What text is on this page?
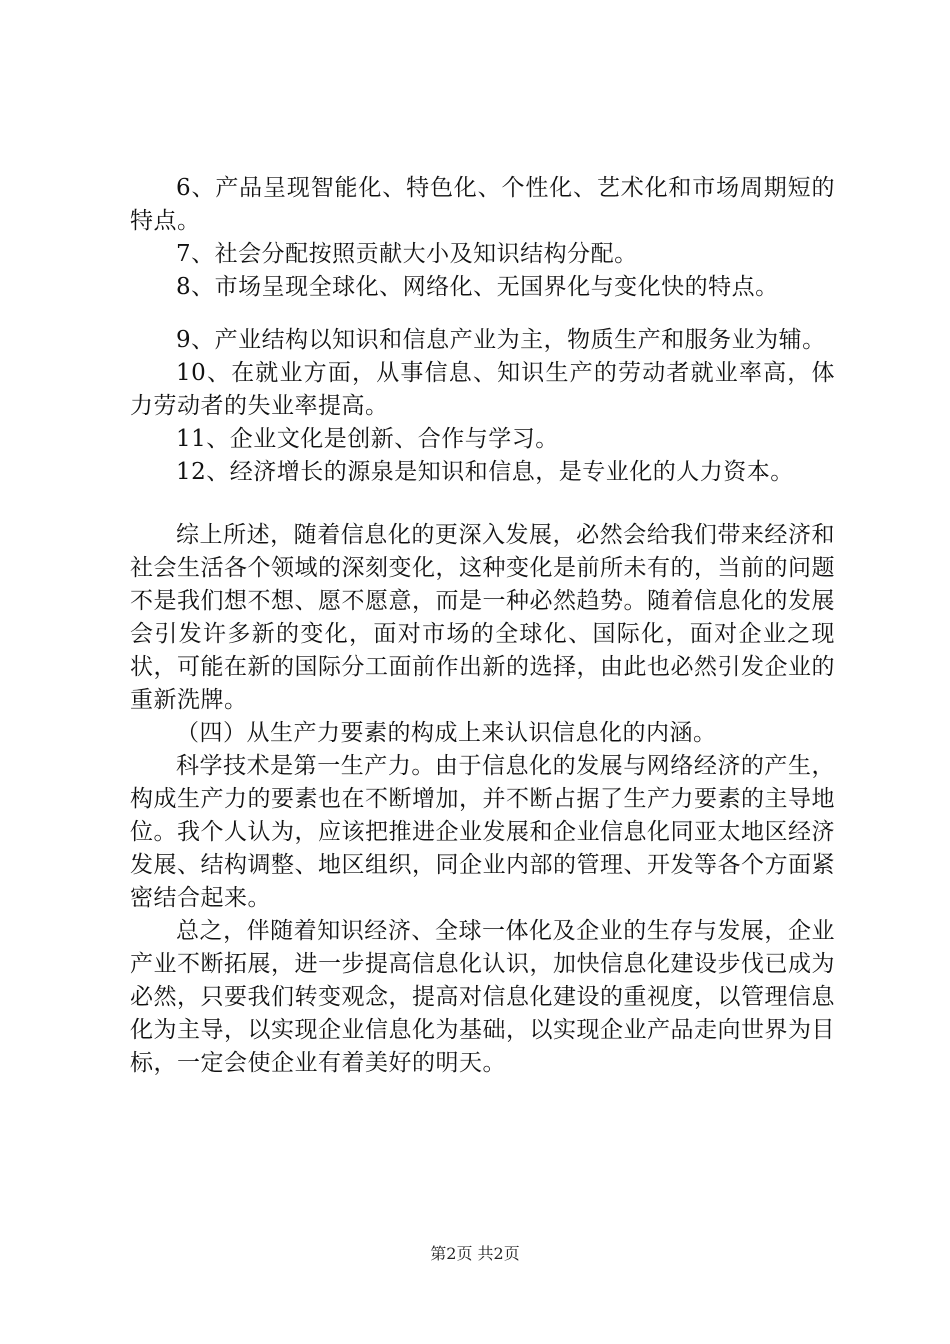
6、产品呈现智能化、特色化、个性化、艺术化和市场周期短的特点。

7、社会分配按照贡献大小及知识结构分配。

8、市场呈现全球化、网络化、无国界化与变化快的特点。

9、产业结构以知识和信息产业为主，物质生产和服务业为辅。

10、在就业方面，从事信息、知识生产的劳动者就业率高，体力劳动者的失业率提高。

11、企业文化是创新、合作与学习。

12、经济增长的源泉是知识和信息，是专业化的人力资本。

综上所述，随着信息化的更深入发展，必然会给我们带来经济和社会生活各个领域的深刻变化，这种变化是前所未有的，当前的问题不是我们想不想、愿不愿意，而是一种必然趋势。随着信息化的发展会引发许多新的变化，面对市场的全球化、国际化，面对企业之现状，可能在新的国际分工面前作出新的选择，由此也必然引发企业的重新洗牌。

（四）从生产力要素的构成上来认识信息化的内涵。

科学技术是第一生产力。由于信息化的发展与网络经济的产生，构成生产力的要素也在不断增加，并不断占据了生产力要素的主导地位。我个人认为，应该把推进企业发展和企业信息化同亚太地区经济发展、结构调整、地区组织，同企业内部的管理、开发等各个方面紧密结合起来。

总之，伴随着知识经济、全球一体化及企业的生存与发展，企业产业不断拓展，进一步提高信息化认识，加快信息化建设步伐已成为必然，只要我们转变观念，提高对信息化建设的重视度，以管理信息化为主导，以实现企业信息化为基础，以实现企业产品走向世界为目标，一定会使企业有着美好的明天。

第2页 共2页
